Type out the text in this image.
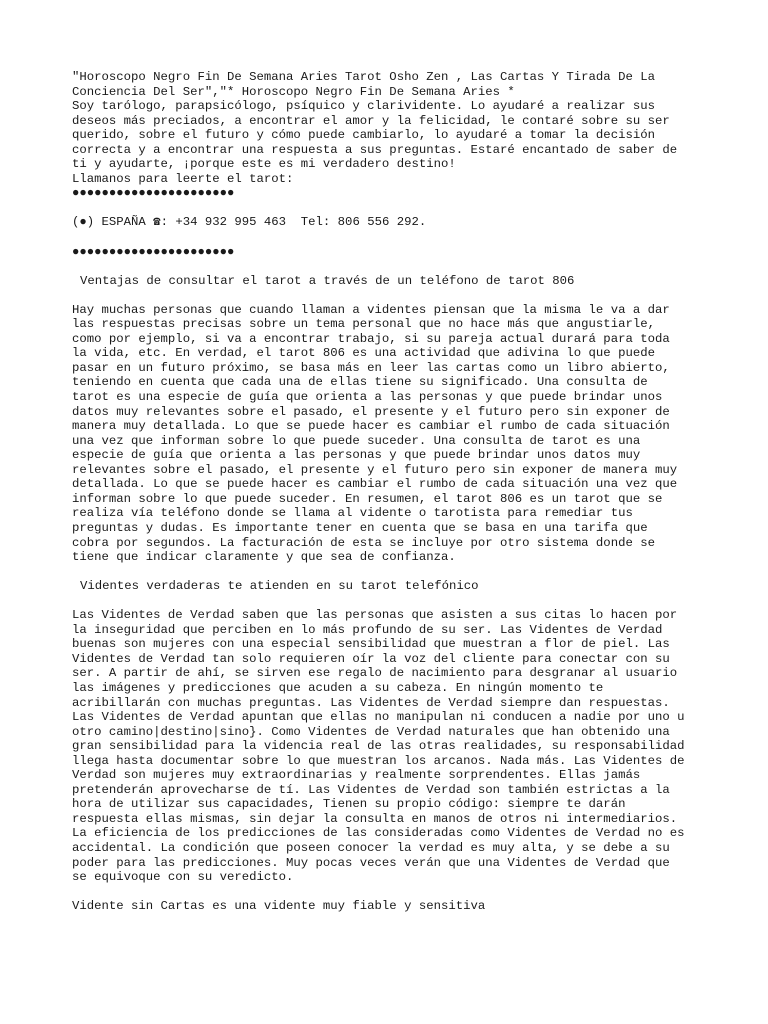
"Horoscopo Negro Fin De Semana Aries Tarot Osho Zen , Las Cartas Y Tirada De La
Conciencia Del Ser","* Horoscopo Negro Fin De Semana Aries *
Soy tarólogo, parapsicólogo, psíquico y clarividente. Lo ayudaré a realizar sus
deseos más preciados, a encontrar el amor y la felicidad, le contaré sobre su ser
querido, sobre el futuro y cómo puede cambiarlo, lo ayudaré a tomar la decisión
correcta y a encontrar una respuesta a sus preguntas. Estaré encantado de saber de
ti y ayudarte, ¡porque este es mi verdadero destino!
Llamanos para leerte el tarot:
●●●●●●●●●●●●●●●●●●●●●●
(●) ESPAÑA ☎: +34 932 995 463  Tel: 806 556 292.
●●●●●●●●●●●●●●●●●●●●●●
Ventajas de consultar el tarot a través de un teléfono de tarot 806
Hay muchas personas que cuando llaman a videntes piensan que la misma le va a dar
las respuestas precisas sobre un tema personal que no hace más que angustiarle,
como por ejemplo, si va a encontrar trabajo, si su pareja actual durará para toda
la vida, etc. En verdad, el tarot 806 es una actividad que adivina lo que puede
pasar en un futuro próximo, se basa más en leer las cartas como un libro abierto,
teniendo en cuenta que cada una de ellas tiene su significado. Una consulta de
tarot es una especie de guía que orienta a las personas y que puede brindar unos
datos muy relevantes sobre el pasado, el presente y el futuro pero sin exponer de
manera muy detallada. Lo que se puede hacer es cambiar el rumbo de cada situación
una vez que informan sobre lo que puede suceder. Una consulta de tarot es una
especie de guía que orienta a las personas y que puede brindar unos datos muy
relevantes sobre el pasado, el presente y el futuro pero sin exponer de manera muy
detallada. Lo que se puede hacer es cambiar el rumbo de cada situación una vez que
informan sobre lo que puede suceder. En resumen, el tarot 806 es un tarot que se
realiza vía teléfono donde se llama al vidente o tarotista para remediar tus
preguntas y dudas. Es importante tener en cuenta que se basa en una tarifa que
cobra por segundos. La facturación de esta se incluye por otro sistema donde se
tiene que indicar claramente y que sea de confianza.
Videntes verdaderas te atienden en su tarot telefónico
Las Videntes de Verdad saben que las personas que asisten a sus citas lo hacen por
la inseguridad que perciben en lo más profundo de su ser. Las Videntes de Verdad
buenas son mujeres con una especial sensibilidad que muestran a flor de piel. Las
Videntes de Verdad tan solo requieren oír la voz del cliente para conectar con su
ser. A partir de ahí, se sirven ese regalo de nacimiento para desgranar al usuario
las imágenes y predicciones que acuden a su cabeza. En ningún momento te
acribillarán con muchas preguntas. Las Videntes de Verdad siempre dan respuestas.
Las Videntes de Verdad apuntan que ellas no manipulan ni conducen a nadie por uno u
otro camino|destino|sino}. Como Videntes de Verdad naturales que han obtenido una
gran sensibilidad para la videncia real de las otras realidades, su responsabilidad
llega hasta documentar sobre lo que muestran los arcanos. Nada más. Las Videntes de
Verdad son mujeres muy extraordinarias y realmente sorprendentes. Ellas jamás
pretenderán aprovecharse de tí. Las Videntes de Verdad son también estrictas a la
hora de utilizar sus capacidades, Tienen su propio código: siempre te darán
respuesta ellas mismas, sin dejar la consulta en manos de otros ni intermediarios.
La eficiencia de los predicciones de las consideradas como Videntes de Verdad no es
accidental. La condición que poseen conocer la verdad es muy alta, y se debe a su
poder para las predicciones. Muy pocas veces verán que una Videntes de Verdad que
se equivoque con su veredicto.
Vidente sin Cartas es una vidente muy fiable y sensitiva
